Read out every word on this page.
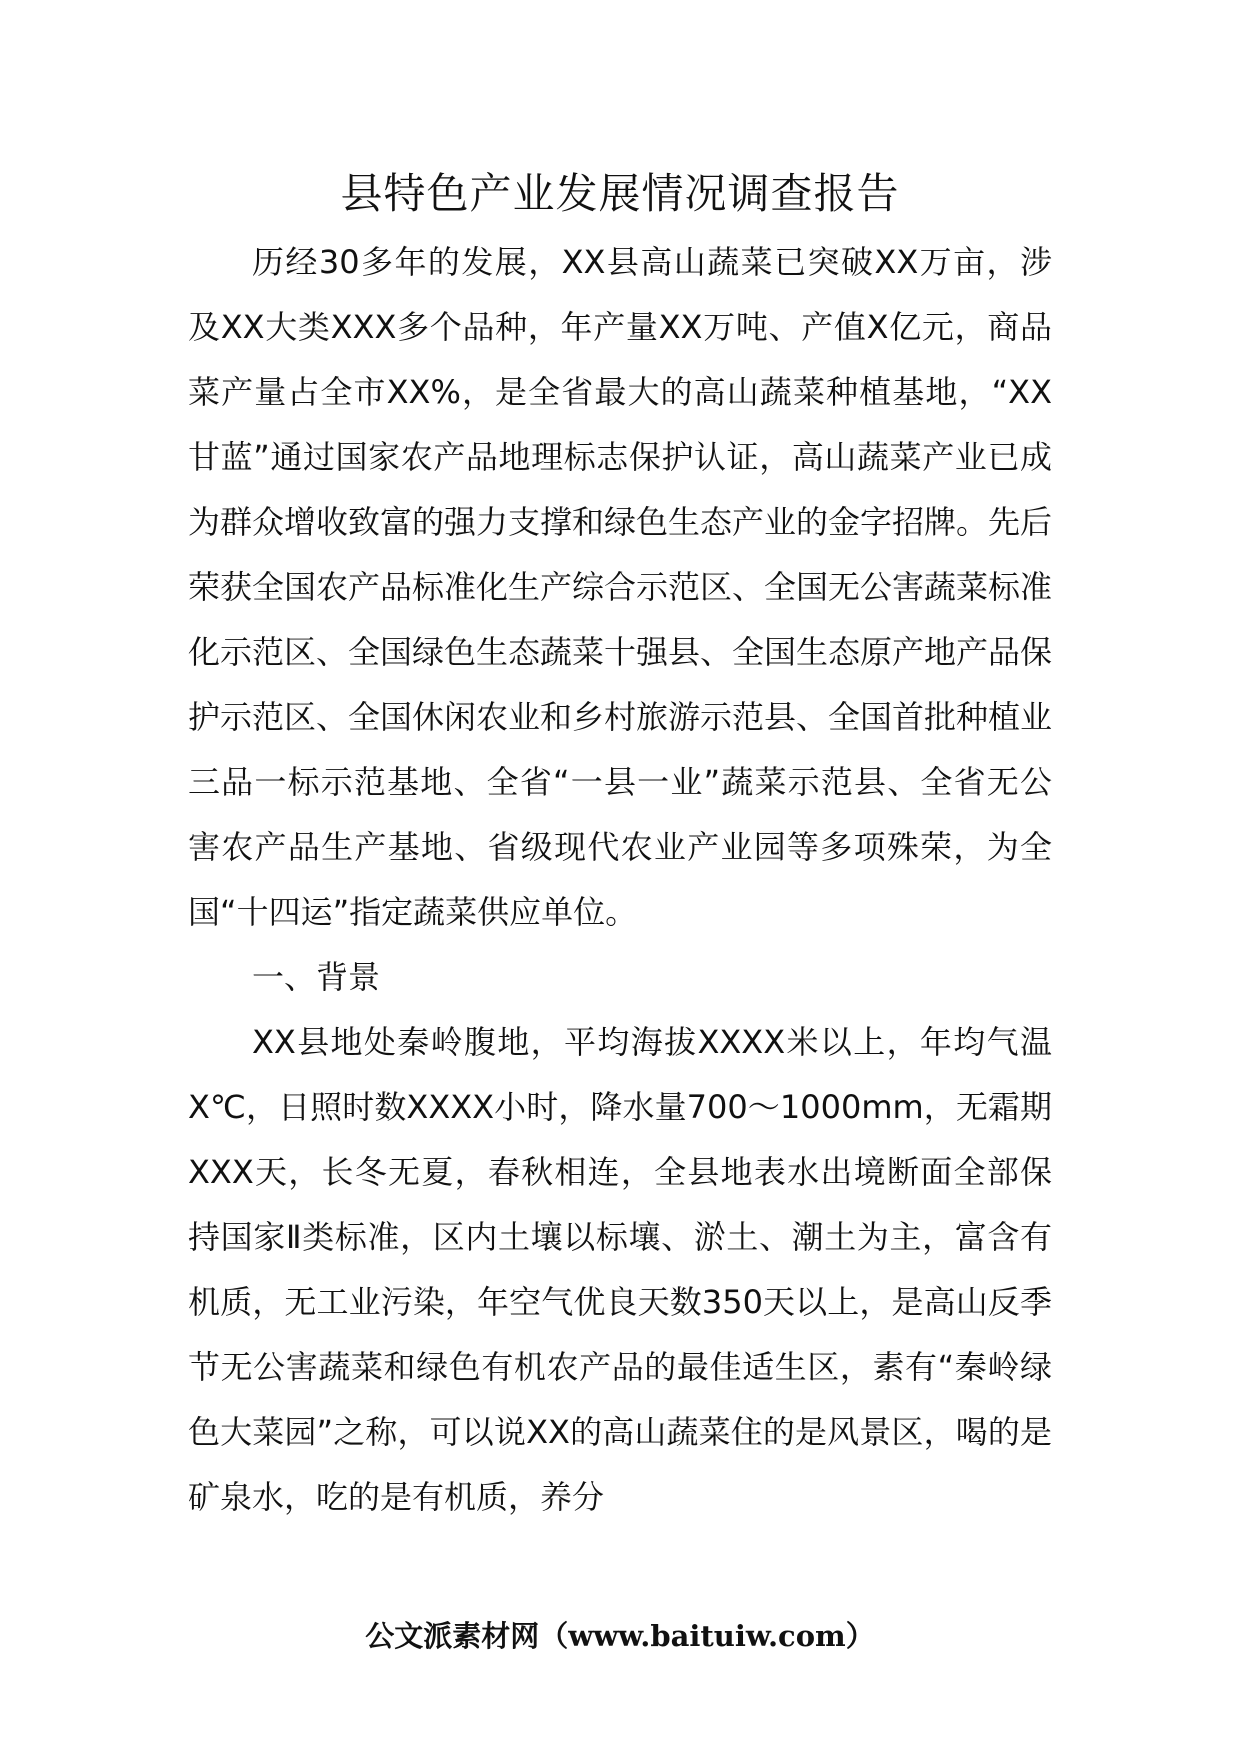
县特色产业发展情况调查报告

历经30多年的发展，XX县高山蔬菜已突破XX万亩，涉及XX大类XXX多个品种，年产量XX万吨、产值X亿元，商品菜产量占全市XX%，是全省最大的高山蔬菜种植基地，“XX甘蓝”通过国家农产品地理标志保护认证，高山蔬菜产业已成为群众增收致富的强力支撑和绿色生态产业的金字招牌。先后荣获全国农产品标准化生产综合示范区、全国无公害蔬菜标准化示范区、全国绿色生态蔬菜十强县、全国生态原产地产品保护示范区、全国休闲农业和乡村旅游示范县、全国首批种植业三品一标示范基地、全省“一县一业”蔬菜示范县、全省无公害农产品生产基地、省级现代农业产业园等多项殊荣，为全国“十四运”指定蔬菜供应单位。

一、背景

XX县地处秦岭腹地，平均海拔XXXX米以上，年均气温X℃，日照时数XXXX小时，降水量700～1000mm，无霜期XXX天，长冬无夏，春秋相连，全县地表水出境断面全部保持国家Ⅱ类标准，区内土壤以标壤、淤土、潮土为主，富含有机质，无工业污染，年空气优良天数350天以上，是高山反季节无公害蔬菜和绿色有机农产品的最佳适生区，素有“秦岭绿色大菜园”之称，可以说XX的高山蔬菜住的是风景区，喝的是矿泉水，吃的是有机质，养分

公文派素材网（www.baituiw.com）
